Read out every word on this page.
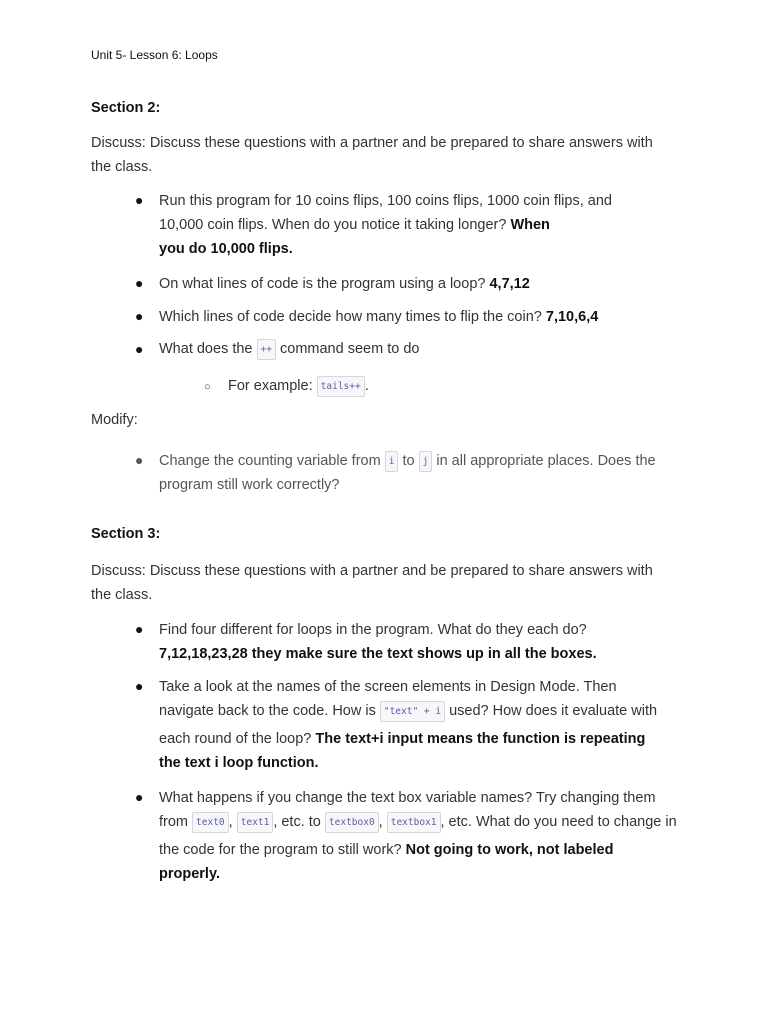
Unit 5- Lesson 6: Loops
Section 2:
Discuss: Discuss these questions with a partner and be prepared to share answers with
the class.
● Run this program for 10 coins flips, 100 coins flips, 1000 coin flips, and
10,000 coin flips. When do you notice it taking longer? When
you do 10,000 flips.
● On what lines of code is the program using a loop? 4,7,12
● Which lines of code decide how many times to flip the coin? 7,10,6,4
● What does the ++ command seem to do
○ For example: tails++ .
Modify:
● Change the counting variable from i to j in all appropriate places. Does the
program still work correctly?
Section 3:
Discuss: Discuss these questions with a partner and be prepared to share answers with
the class.
● Find four different for loops in the program. What do they each do?
7,12,18,23,28 they make sure the text shows up in all the boxes.
● Take a look at the names of the screen elements in Design Mode. Then
navigate back to the code. How is "text" + i used? How does it evaluate with
each round of the loop? The text+i input means the function is repeating
the text i loop function.
● What happens if you change the text box variable names? Try changing them
from text0 , text1 , etc. to textbox0 , textbox1 , etc. What do you need to change in
the code for the program to still work? Not going to work, not labeled
properly.
